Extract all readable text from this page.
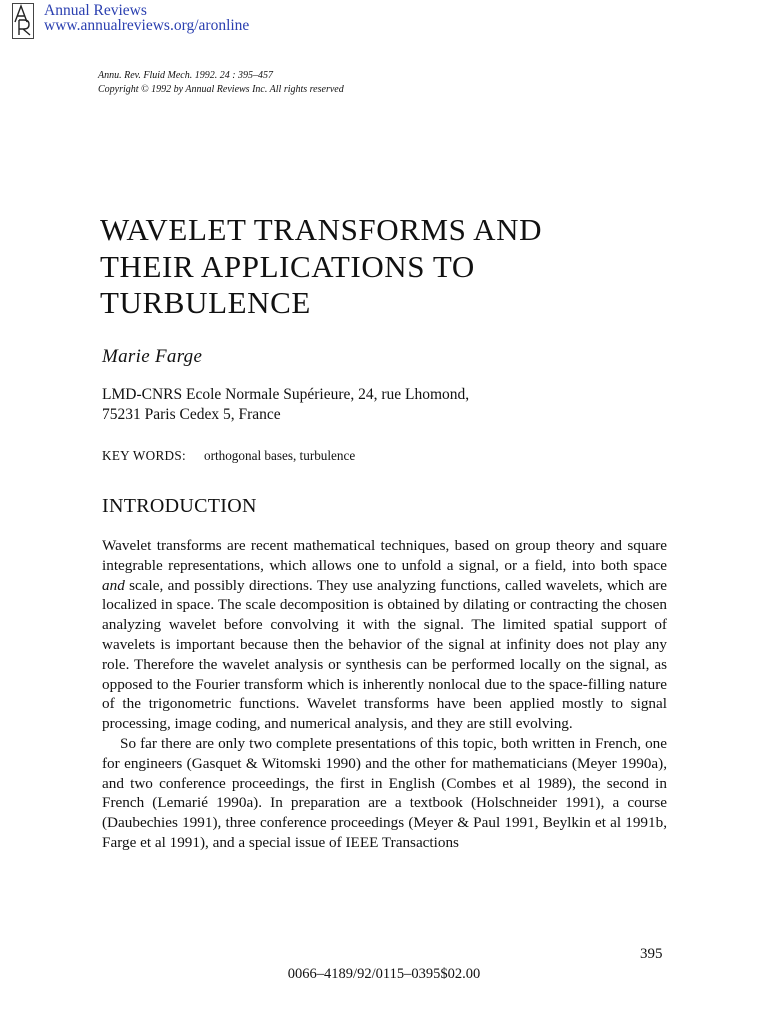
Annual Reviews
www.annualreviews.org/aronline
Annu. Rev. Fluid Mech. 1992. 24 : 395–457
Copyright © 1992 by Annual Reviews Inc. All rights reserved
WAVELET TRANSFORMS AND
THEIR APPLICATIONS TO
TURBULENCE
Marie Farge
LMD-CNRS Ecole Normale Supérieure, 24, rue Lhomond,
75231 Paris Cedex 5, France
KEY WORDS: orthogonal bases, turbulence
INTRODUCTION

Wavelet transforms are recent mathematical techniques, based on group theory and square integrable representations, which allows one to unfold a signal, or a field, into both space and scale, and possibly directions. They use analyzing functions, called wavelets, which are localized in space. The scale decomposition is obtained by dilating or contracting the chosen analyzing wavelet before convolving it with the signal. The limited spatial support of wavelets is important because then the behavior of the signal at infinity does not play any role. Therefore the wavelet analysis or synthesis can be performed locally on the signal, as opposed to the Fourier transform which is inherently nonlocal due to the space-filling nature of the trigonometric functions. Wavelet transforms have been applied mostly to signal processing, image coding, and numerical analysis, and they are still evolving.

So far there are only two complete presentations of this topic, both written in French, one for engineers (Gasquet & Witomski 1990) and the other for mathematicians (Meyer 1990a), and two conference proceedings, the first in English (Combes et al 1989), the second in French (Lemarié 1990a). In preparation are a textbook (Holschneider 1991), a course (Daubechies 1991), three conference proceedings (Meyer & Paul 1991, Beylkin et al 1991b, Farge et al 1991), and a special issue of IEEE Transactions

395
0066–4189/92/0115–0395$02.00
